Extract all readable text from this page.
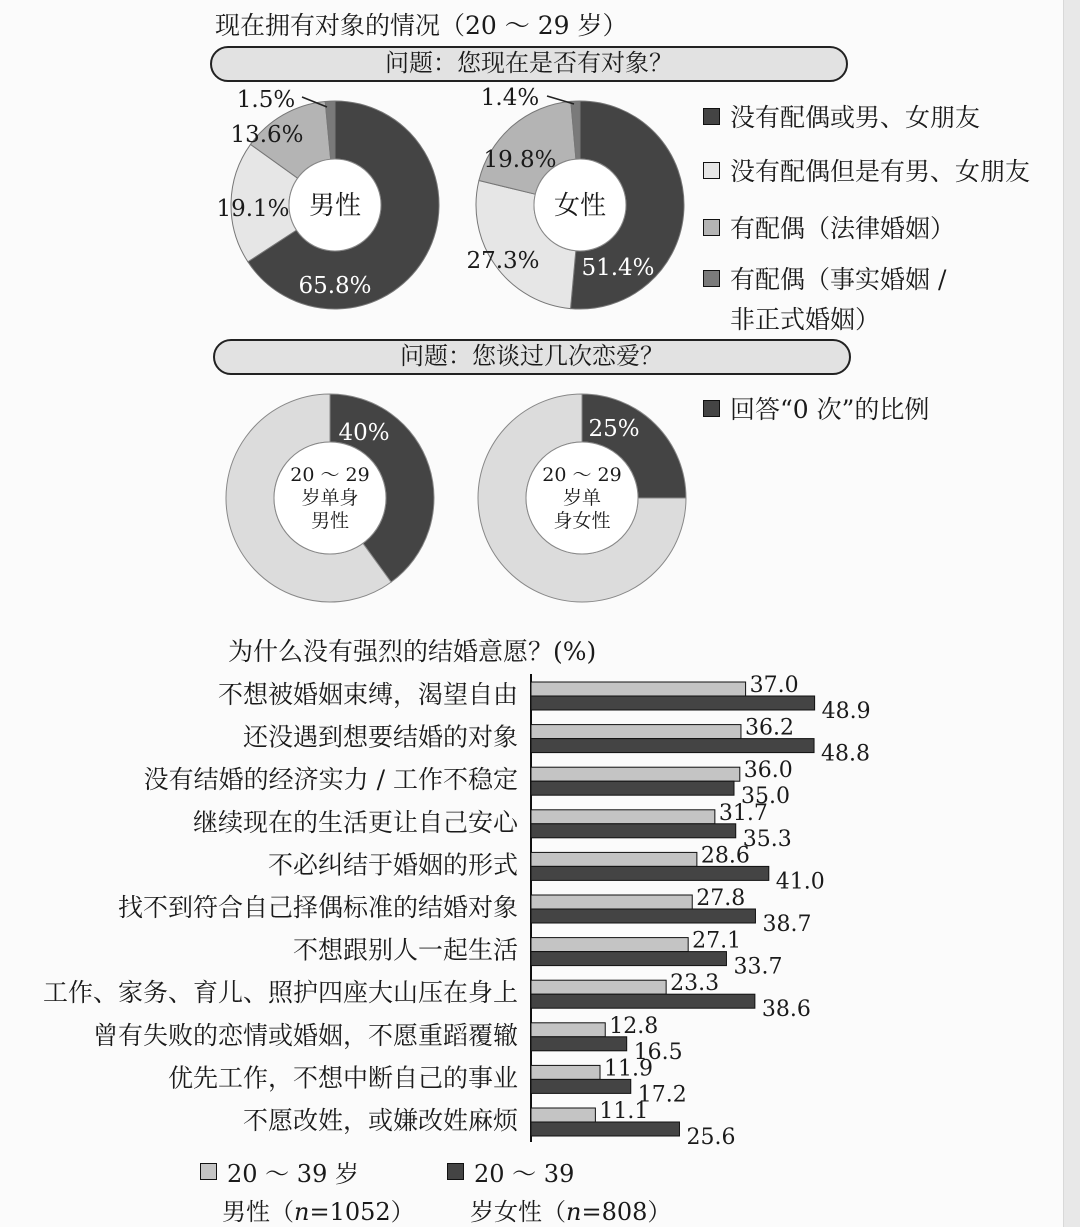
现在拥有对象的情况（20 ～ 29 岁）
问题：您现在是否有对象？
男性
65.8%
19.1%
13.6%
1.5%
女性
51.4%
27.3%
19.8%
1.4%
没有配偶或男、女朋友
没有配偶但是有男、女朋友
有配偶（法律婚姻）
有配偶（事实婚姻 /
非正式婚姻）
问题：您谈过几次恋爱？
20 ～ 29
岁单身
男性
40%
20 ～ 29
岁单
身女性
25%
回答“0 次”的比例
为什么没有强烈的结婚意愿？(%)
不想被婚姻束缚，渴望自由	37.0
48.9
还没遇到想要结婚的对象	36.2
48.8
没有结婚的经济实力 / 工作不稳定	36.0
35.0
继续现在的生活更让自己安心	31.7
35.3
不必纠结于婚姻的形式	28.6
41.0
找不到符合自己择偶标准的结婚对象	27.8
38.7
不想跟别人一起生活	27.1
33.7
工作、家务、育儿、照护四座大山压在身上	23.3
38.6
曾有失败的恋情或婚姻，不愿重蹈覆辙	12.8
16.5
优先工作，不想中断自己的事业	11.9
17.2
不愿改姓，或嫌改姓麻烦	11.1
25.6
20 ～ 39 岁
男性（n=1052）
20 ～ 39
岁女性（n=808）
